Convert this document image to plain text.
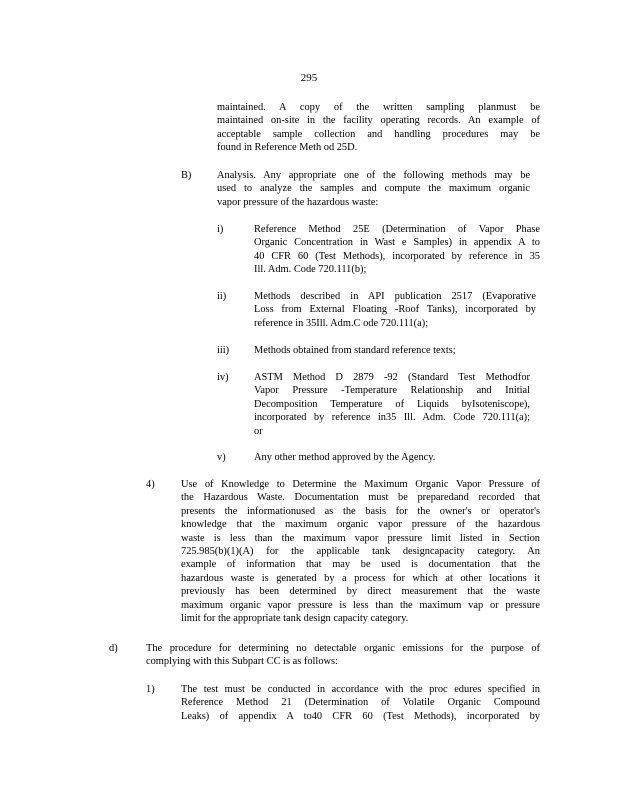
295
maintained. A copy of the written sampling planmust be
maintained on-site in the facility operating records. An example of
acceptable sample collection and handling procedures may be
found in Reference Meth od 25D.
B) Analysis. Any appropriate one of the following methods may be
used to analyze the samples and compute the maximum organic
vapor pressure of the hazardous waste:
i)	Reference Method 25E (Determination of Vapor Phase
Organic Concentration in Wast e Samples) in appendix A to
40 CFR 60 (Test Methods), incorporated by reference in 35
Ill. Adm. Code 720.111(b);
ii)	Methods described in API publication 2517 (Evaporative
Loss from External Floating -Roof Tanks), incorporated by
reference in 35Ill. Adm.C ode 720.111(a);
iii) Methods obtained from standard reference texts;
iv) ASTM Method D 2879 -92 (Standard Test Methodfor
Vapor Pressure -Temperature Relationship and Initial
Decomposition Temperature of Liquids byIsoteniscope),
incorporated by reference in35 Ill. Adm. Code 720.111(a);
or
v)	Any other method approved by the Agency.
4)	Use of Knowledge to Determine the Maximum Organic Vapor Pressure of
the Hazardous Waste. Documentation must be preparedand recorded that
presents the informationused as the basis for the owner's or operator's
knowledge that the maximum organic vapor pressure of the hazardous
waste is less than the maximum vapor pressure limit listed in Section
725.985(b)(1)(A) for the applicable tank designcapacity category. An
example of information that may be used is documentation that the
hazardous waste is generated by a process for which at other locations it
previously has been determined by direct measurement that the waste
maximum organic vapor pressure is less than the maximum vap or pressure
limit for the appropriate tank design capacity category.
d)	The procedure for determining no detectable organic emissions for the purpose of
complying with this Subpart CC is as follows:
1)	The test must be conducted in accordance with the proc edures specified in
Reference Method 21 (Determination of Volatile Organic Compound
Leaks) of appendix A to40 CFR 60 (Test Methods), incorporated by
